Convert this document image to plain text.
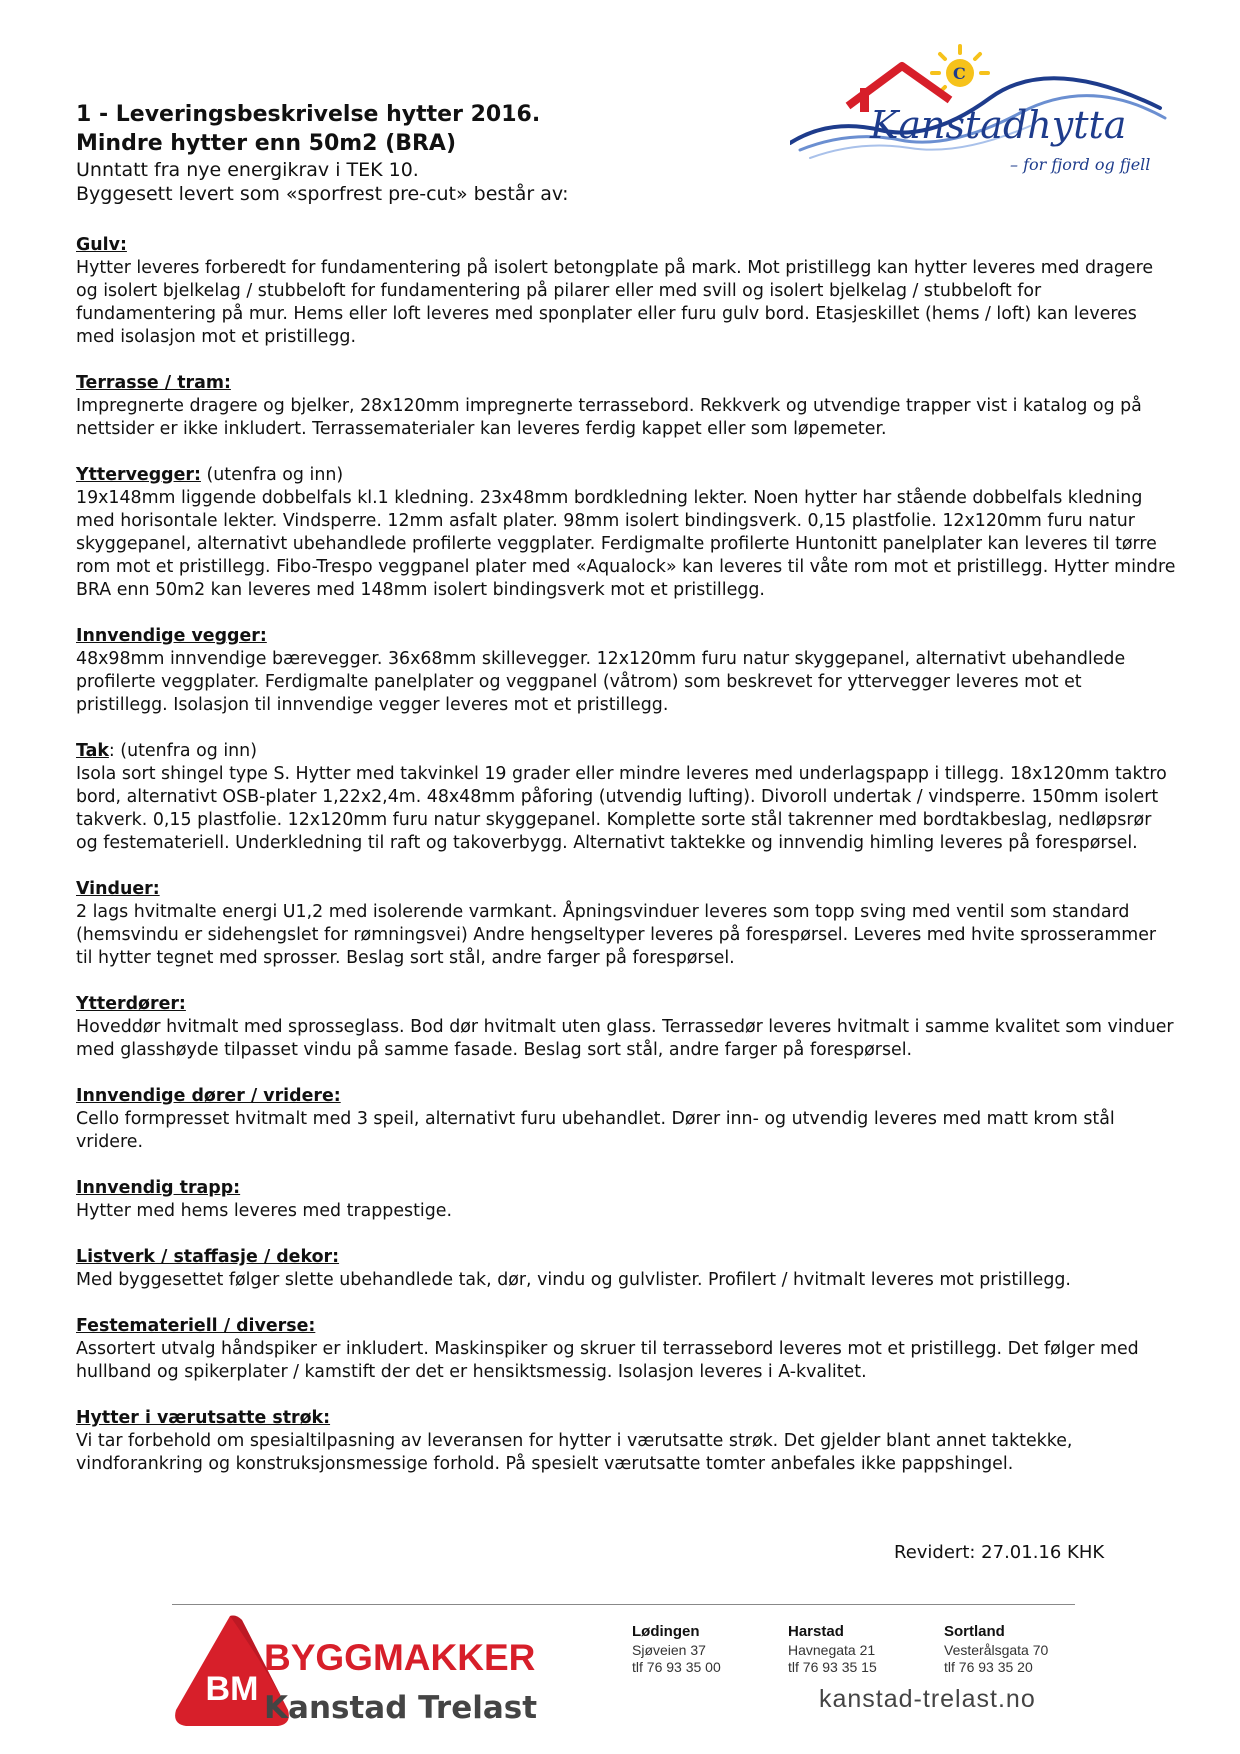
C
Kanstadhytta
– for fjord og fjell

1 - Leveringsbeskrivelse hytter 2016.

Mindre hytter enn 50m2 (BRA)

Unntatt fra nye energikrav i TEK 10.

Byggesett levert som «sporfrest pre-cut» består av:

Gulv:

Hytter leveres forberedt for fundamentering på isolert betongplate på mark. Mot pristillegg kan hytter leveres med dragere og isolert bjelkelag / stubbeloft for fundamentering på pilarer eller med svill og isolert bjelkelag / stubbeloft for fundamentering på mur. Hems eller loft leveres med sponplater eller furu gulv bord. Etasjeskillet (hems / loft) kan leveres med isolasjon mot et pristillegg.

Terrasse / tram:

Impregnerte dragere og bjelker, 28x120mm impregnerte terrassebord. Rekkverk og utvendige trapper vist i katalog og på nettsider er ikke inkludert. Terrassematerialer kan leveres ferdig kappet eller som løpemeter.

Yttervegger: (utenfra og inn)

19x148mm liggende dobbelfals kl.1 kledning. 23x48mm bordkledning lekter. Noen hytter har stående dobbelfals kledning med horisontale lekter. Vindsperre. 12mm asfalt plater. 98mm isolert bindingsverk. 0,15 plastfolie. 12x120mm furu natur skyggepanel, alternativt ubehandlede profilerte veggplater. Ferdigmalte profilerte Huntonitt panelplater kan leveres til tørre rom mot et pristillegg. Fibo-Trespo veggpanel plater med «Aqualock» kan leveres til våte rom mot et pristillegg. Hytter mindre BRA enn 50m2 kan leveres med 148mm isolert bindingsverk mot et pristillegg.

Innvendige vegger:

48x98mm innvendige bærevegger. 36x68mm skillevegger. 12x120mm furu natur skyggepanel, alternativt ubehandlede profilerte veggplater. Ferdigmalte panelplater og veggpanel (våtrom) som beskrevet for yttervegger leveres mot et pristillegg. Isolasjon til innvendige vegger leveres mot et pristillegg.

Tak: (utenfra og inn)

Isola sort shingel type S. Hytter med takvinkel 19 grader eller mindre leveres med underlagspapp i tillegg. 18x120mm taktro bord, alternativt OSB-plater 1,22x2,4m. 48x48mm påforing (utvendig lufting). Divoroll undertak / vindsperre. 150mm isolert takverk. 0,15 plastfolie. 12x120mm furu natur skyggepanel. Komplette sorte stål takrenner med bordtakbeslag, nedløpsrør og festemateriell. Underkledning til raft og takoverbygg. Alternativt taktekke og innvendig himling leveres på forespørsel.

Vinduer:

2 lags hvitmalte energi U1,2 med isolerende varmkant. Åpningsvinduer leveres som topp sving med ventil som standard (hemsvindu er sidehengslet for rømningsvei) Andre hengseltyper leveres på forespørsel. Leveres med hvite sprosserammer til hytter tegnet med sprosser. Beslag sort stål, andre farger på forespørsel.

Ytterdører:

Hoveddør hvitmalt med sprosseglass. Bod dør hvitmalt uten glass. Terrassedør leveres hvitmalt i samme kvalitet som vinduer med glasshøyde tilpasset vindu på samme fasade. Beslag sort stål, andre farger på forespørsel.

Innvendige dører / vridere:

Cello formpresset hvitmalt med 3 speil, alternativt furu ubehandlet. Dører inn- og utvendig leveres med matt krom stål vridere.

Innvendig trapp:

Hytter med hems leveres med trappestige.

Listverk / staffasje / dekor:

Med byggesettet følger slette ubehandlede tak, dør, vindu og gulvlister. Profilert / hvitmalt leveres mot pristillegg.

Festemateriell / diverse:

Assortert utvalg håndspiker er inkludert. Maskinspiker og skruer til terrassebord leveres mot et pristillegg. Det følger med hullband og spikerplater / kamstift der det er hensiktsmessig. Isolasjon leveres i A-kvalitet.

Hytter i værutsatte strøk:

Vi tar forbehold om spesialtilpasning av leveransen for hytter i værutsatte strøk. Det gjelder blant annet taktekke, vindforankring og konstruksjonsmessige forhold. På spesielt værutsatte tomter anbefales ikke pappshingel.

Revidert: 27.01.16 KHK
BM
BYGGMAKKER
Kanstad Trelast
Lødingen
Sjøveien 37
tlf 76 93 35 00
Harstad
Havnegata 21
tlf 76 93 35 15
Sortland
Vesterålsgata 70
tlf 76 93 35 20
kanstad-trelast.no
